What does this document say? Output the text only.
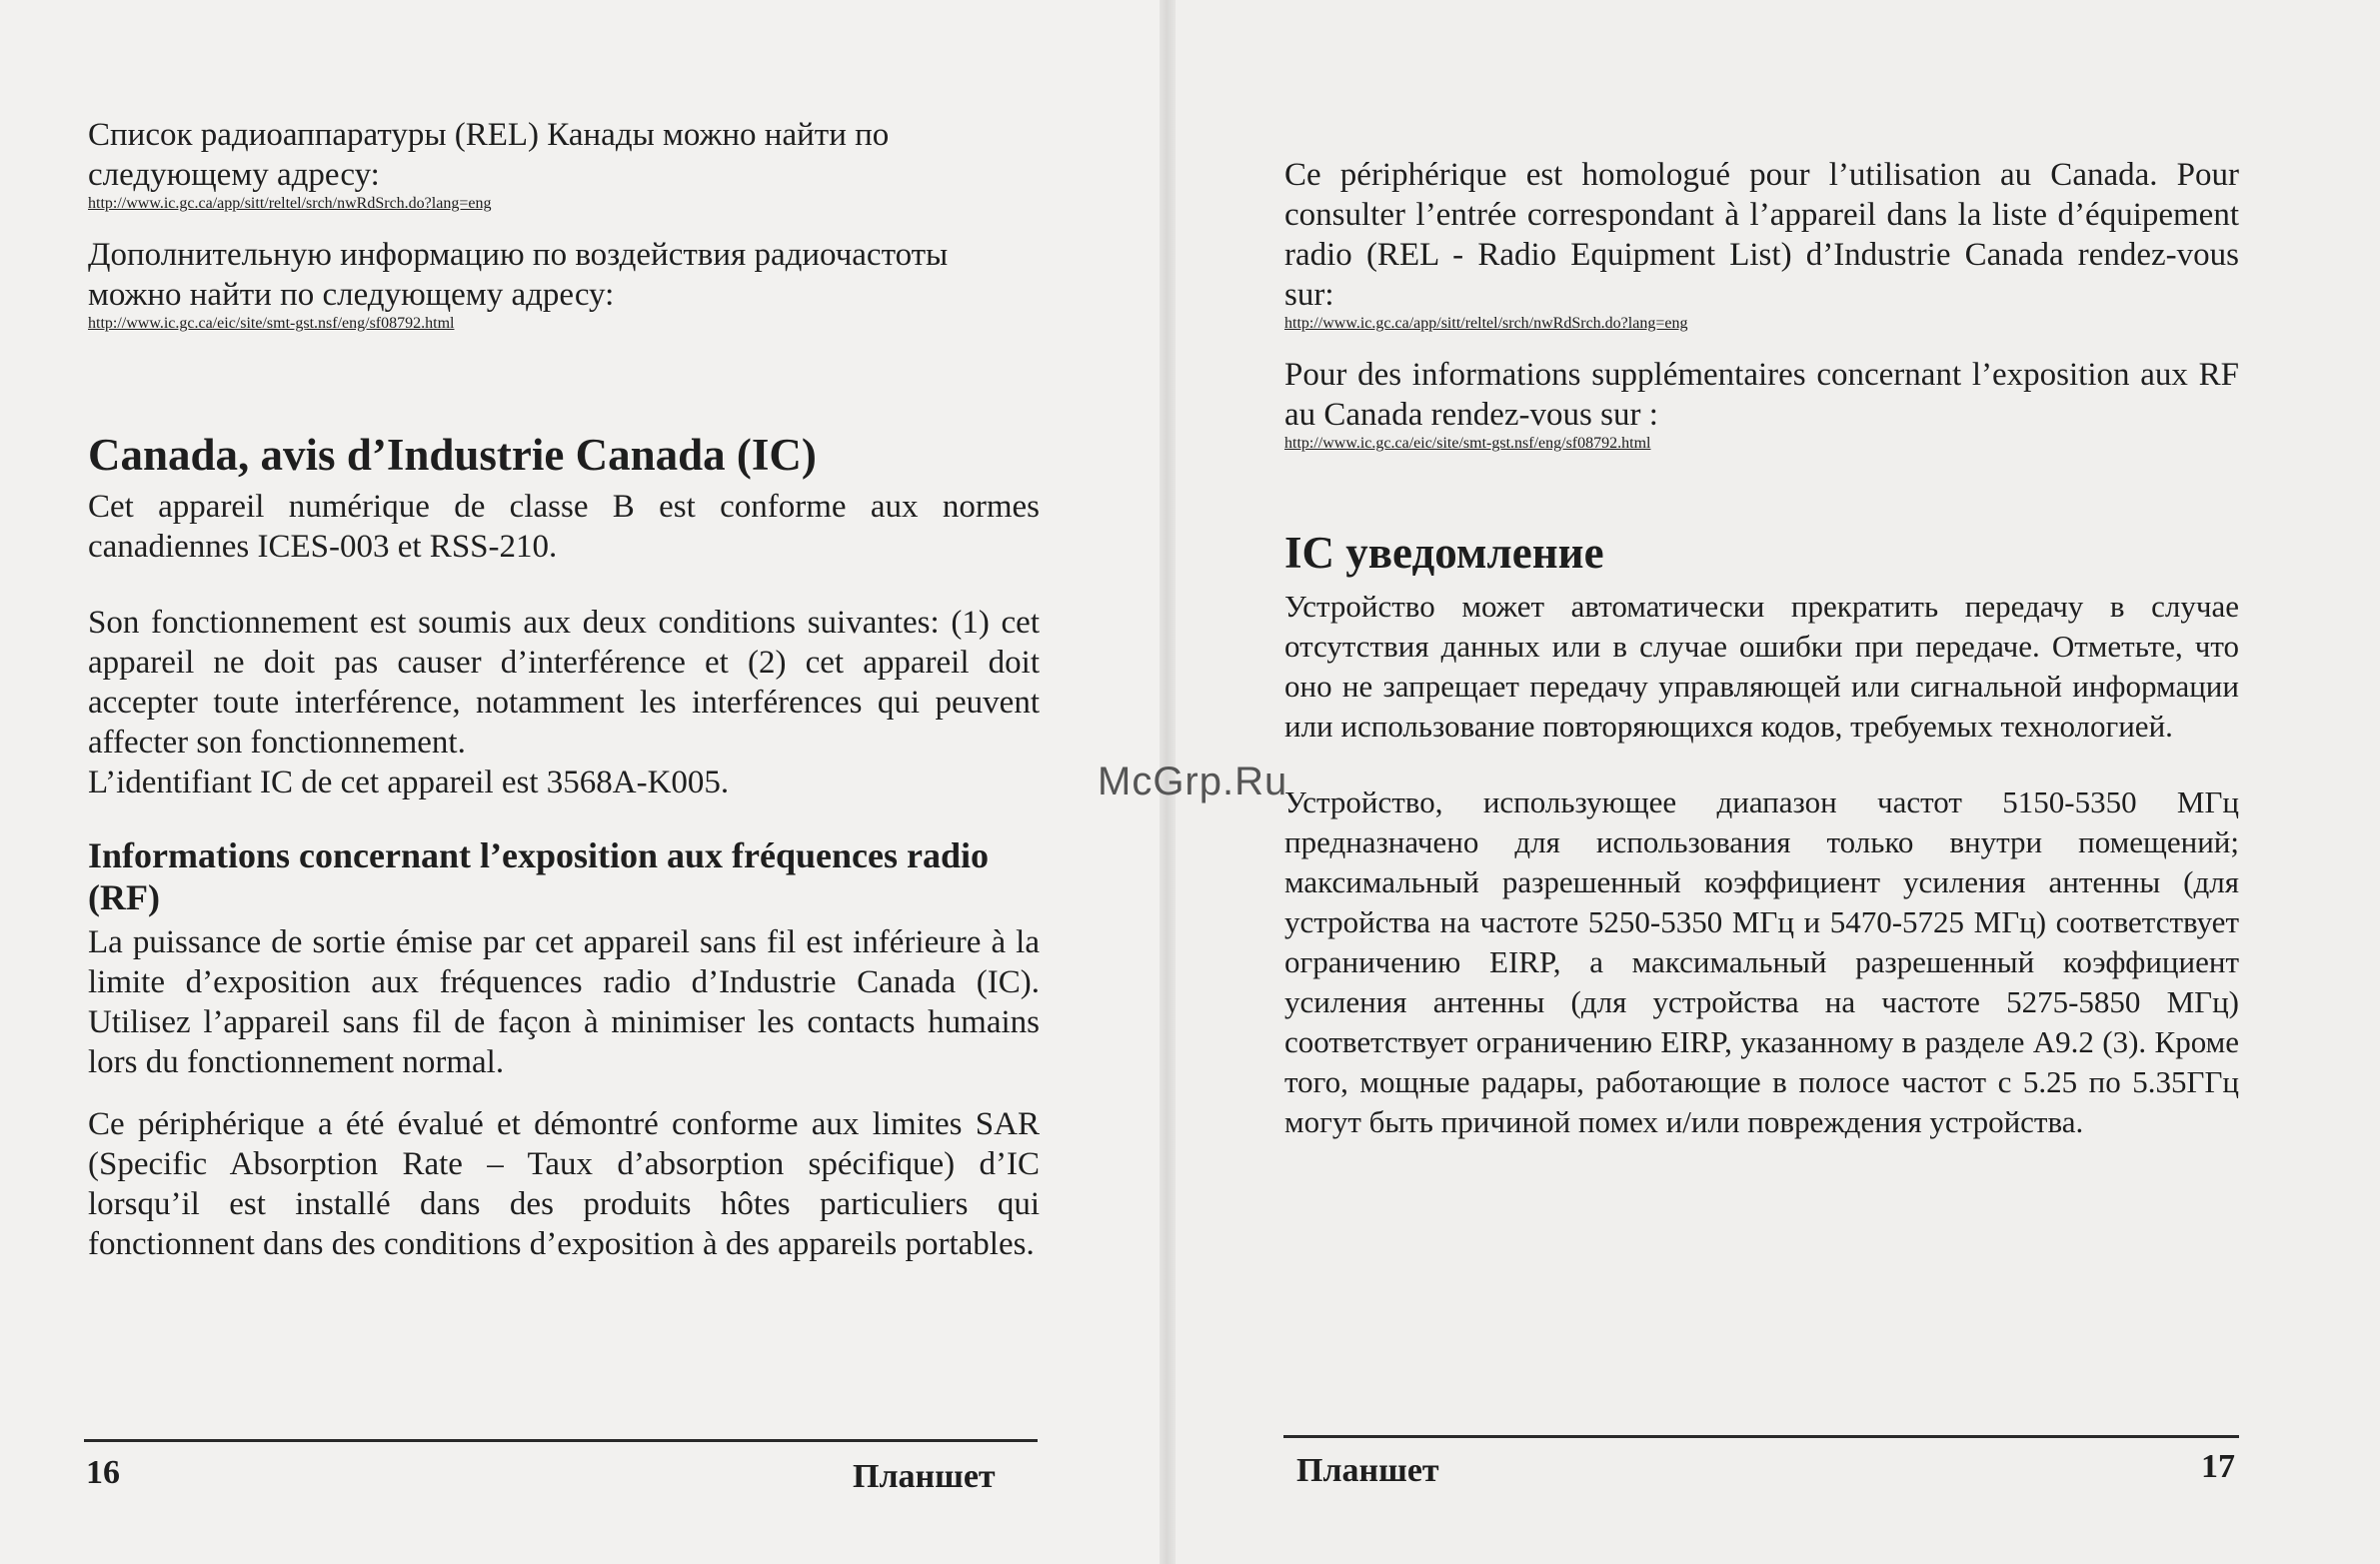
Список радиоаппаратуры (REL) Канады можно найти по следующему адресу:

http://www.ic.gc.ca/app/sitt/reltel/srch/nwRdSrch.do?lang=eng

Дополнительную информацию по воздействия радиочастоты можно найти по следующему адресу:

http://www.ic.gc.ca/eic/site/smt-gst.nsf/eng/sf08792.html
Canada, avis d’Industrie Canada (IC)

Cet appareil numérique de classe B est conforme aux normes canadiennes ICES-003 et RSS-210.

Son fonctionnement est soumis aux deux conditions suivantes: (1) cet appareil ne doit pas causer d’interférence et (2) cet appareil doit accepter toute interférence, notamment les interférences qui peuvent affecter son fonctionnement.

L’identifiant IC de cet appareil est 3568A-K005.

Informations concernant l’exposition aux fréquences radio (RF)

La puissance de sortie émise par cet appareil sans fil est inférieure à la limite d’exposition aux fréquences radio d’Industrie Canada (IC). Utilisez l’appareil sans fil de façon à minimiser les contacts humains lors du fonctionnement normal.

Ce périphérique a été évalué et démontré conforme aux limites SAR (Specific Absorption Rate – Taux d’absorption spécifique) d’IC lorsqu’il est installé dans des produits hôtes particuliers qui fonctionnent dans des conditions d’exposition à des appareils portables.

16	Планшет

Ce périphérique est homologué pour l’utilisation au Canada. Pour consulter l’entrée correspondant à l’appareil dans la liste d’équipement radio (REL - Radio Equipment List) d’Industrie Canada rendez-vous sur:

http://www.ic.gc.ca/app/sitt/reltel/srch/nwRdSrch.do?lang=eng

Pour des informations supplémentaires concernant l’exposition aux RF au Canada rendez-vous sur :

http://www.ic.gc.ca/eic/site/smt-gst.nsf/eng/sf08792.html
IC уведомление

Устройство может автоматически прекратить передачу в случае отсутствия данных или в случае ошибки при передаче. Отметьте, что оно не запрещает передачу управляющей или сигнальной информации или использование повторяющихся кодов, требуемых технологией.

Устройство, использующее диапазон частот 5150-5350 МГц предназначено для использования только внутри помещений; максимальный разрешенный коэффициент усиления антенны (для устройства на частоте 5250-5350 МГц и 5470-5725 МГц) соответствует ограничению EIRP, а максимальный разрешенный коэффициент усиления антенны (для устройства на частоте 5275-5850 МГц) соответствует ограничению EIRP, указанному в разделе A9.2 (3). Кроме того, мощные радары, работающие в полосе частот с 5.25 по 5.35ГГц могут быть причиной помех и/или повреждения устройства.

Планшет	17
McGrp.Ru
